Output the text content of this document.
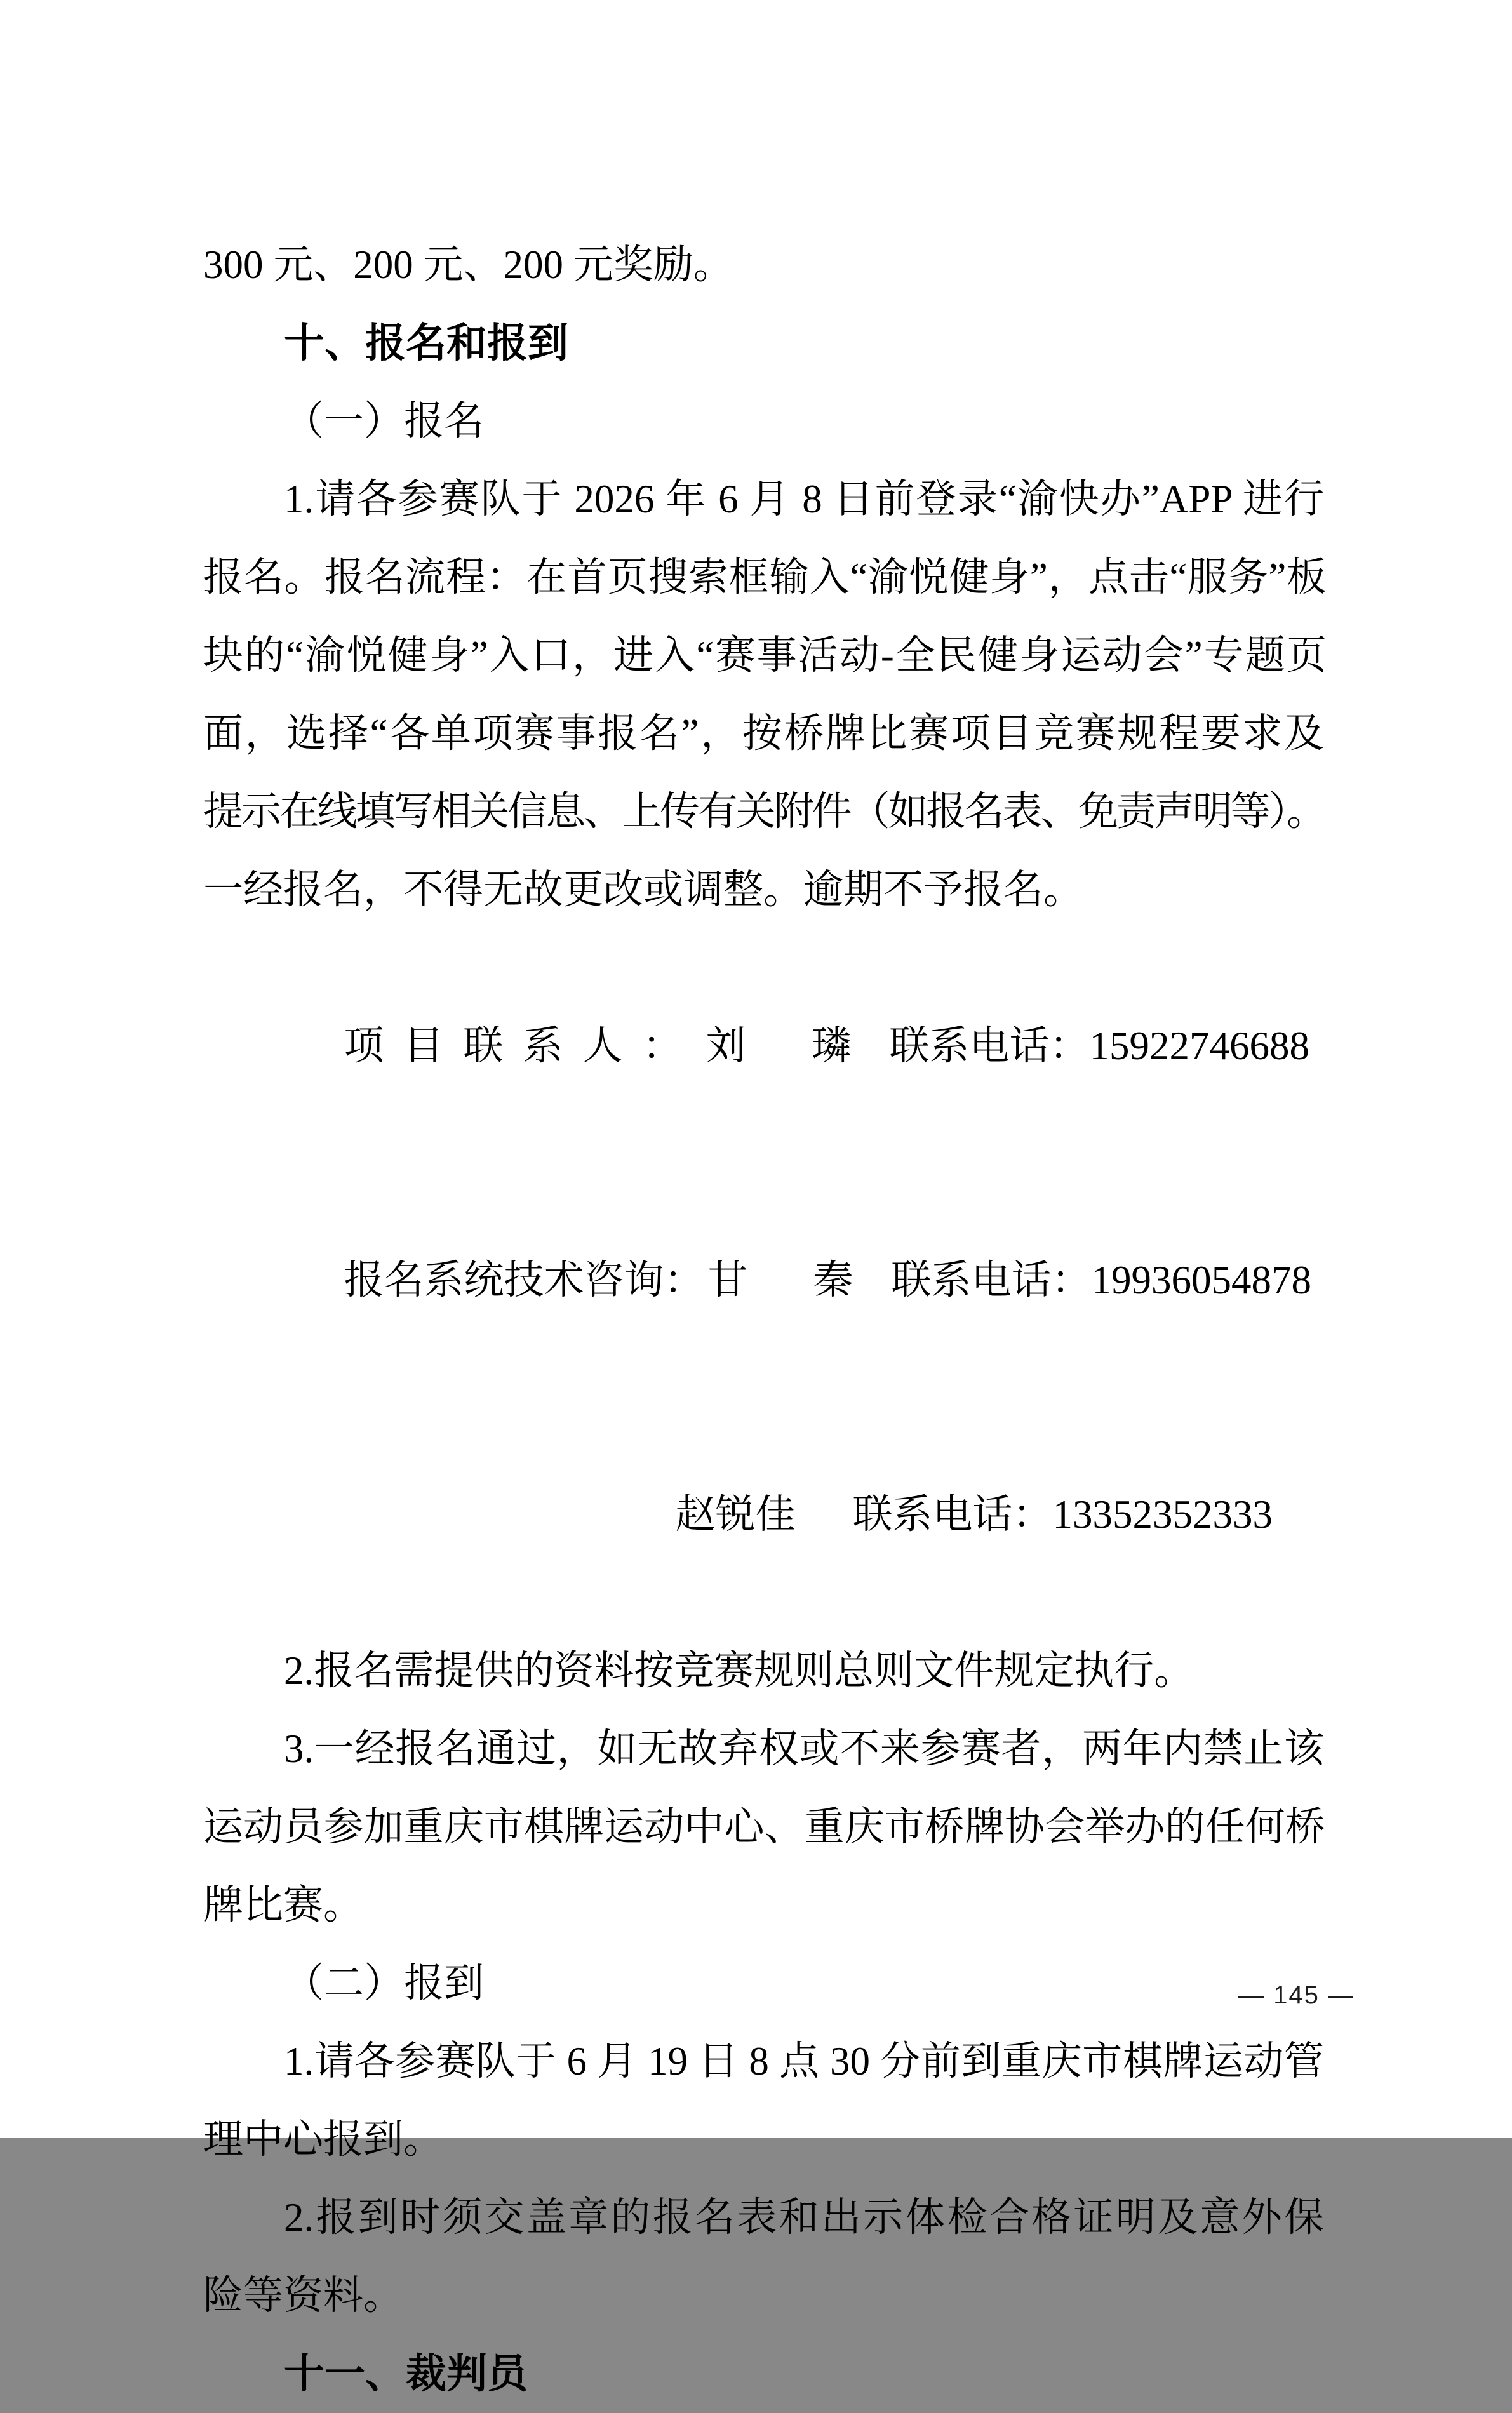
300 元、200 元、200 元奖励。
十、报名和报到
（一）报名
1.请各参赛队于 2026 年 6 月 8 日前登录“渝快办”APP 进行
报名。报名流程：在首页搜索框输入“渝悦健身”，点击“服务”板
块的“渝悦健身”入口，进入“赛事活动-全民健身运动会”专题页
面，选择“各单项赛事报名”，按桥牌比赛项目竞赛规程要求及
提示在线填写相关信息、上传有关附件（如报名表、免责声明等）。
一经报名，不得无故更改或调整。逾期不予报名。

项目联系人：刘　璘 联系电话：15922746688

报名系统技术咨询：甘　秦 联系电话：19936054878

赵锐佳 联系电话：13352352333

2.报名需提供的资料按竞赛规则总则文件规定执行。
3.一经报名通过，如无故弃权或不来参赛者，两年内禁止该
运动员参加重庆市棋牌运动中心、重庆市桥牌协会举办的任何桥
牌比赛。
（二）报到
1.请各参赛队于 6 月 19 日 8 点 30 分前到重庆市棋牌运动管
理中心报到。
2.报到时须交盖章的报名表和出示体检合格证明及意外保
险等资料。
十一、裁判员
— 145 —
